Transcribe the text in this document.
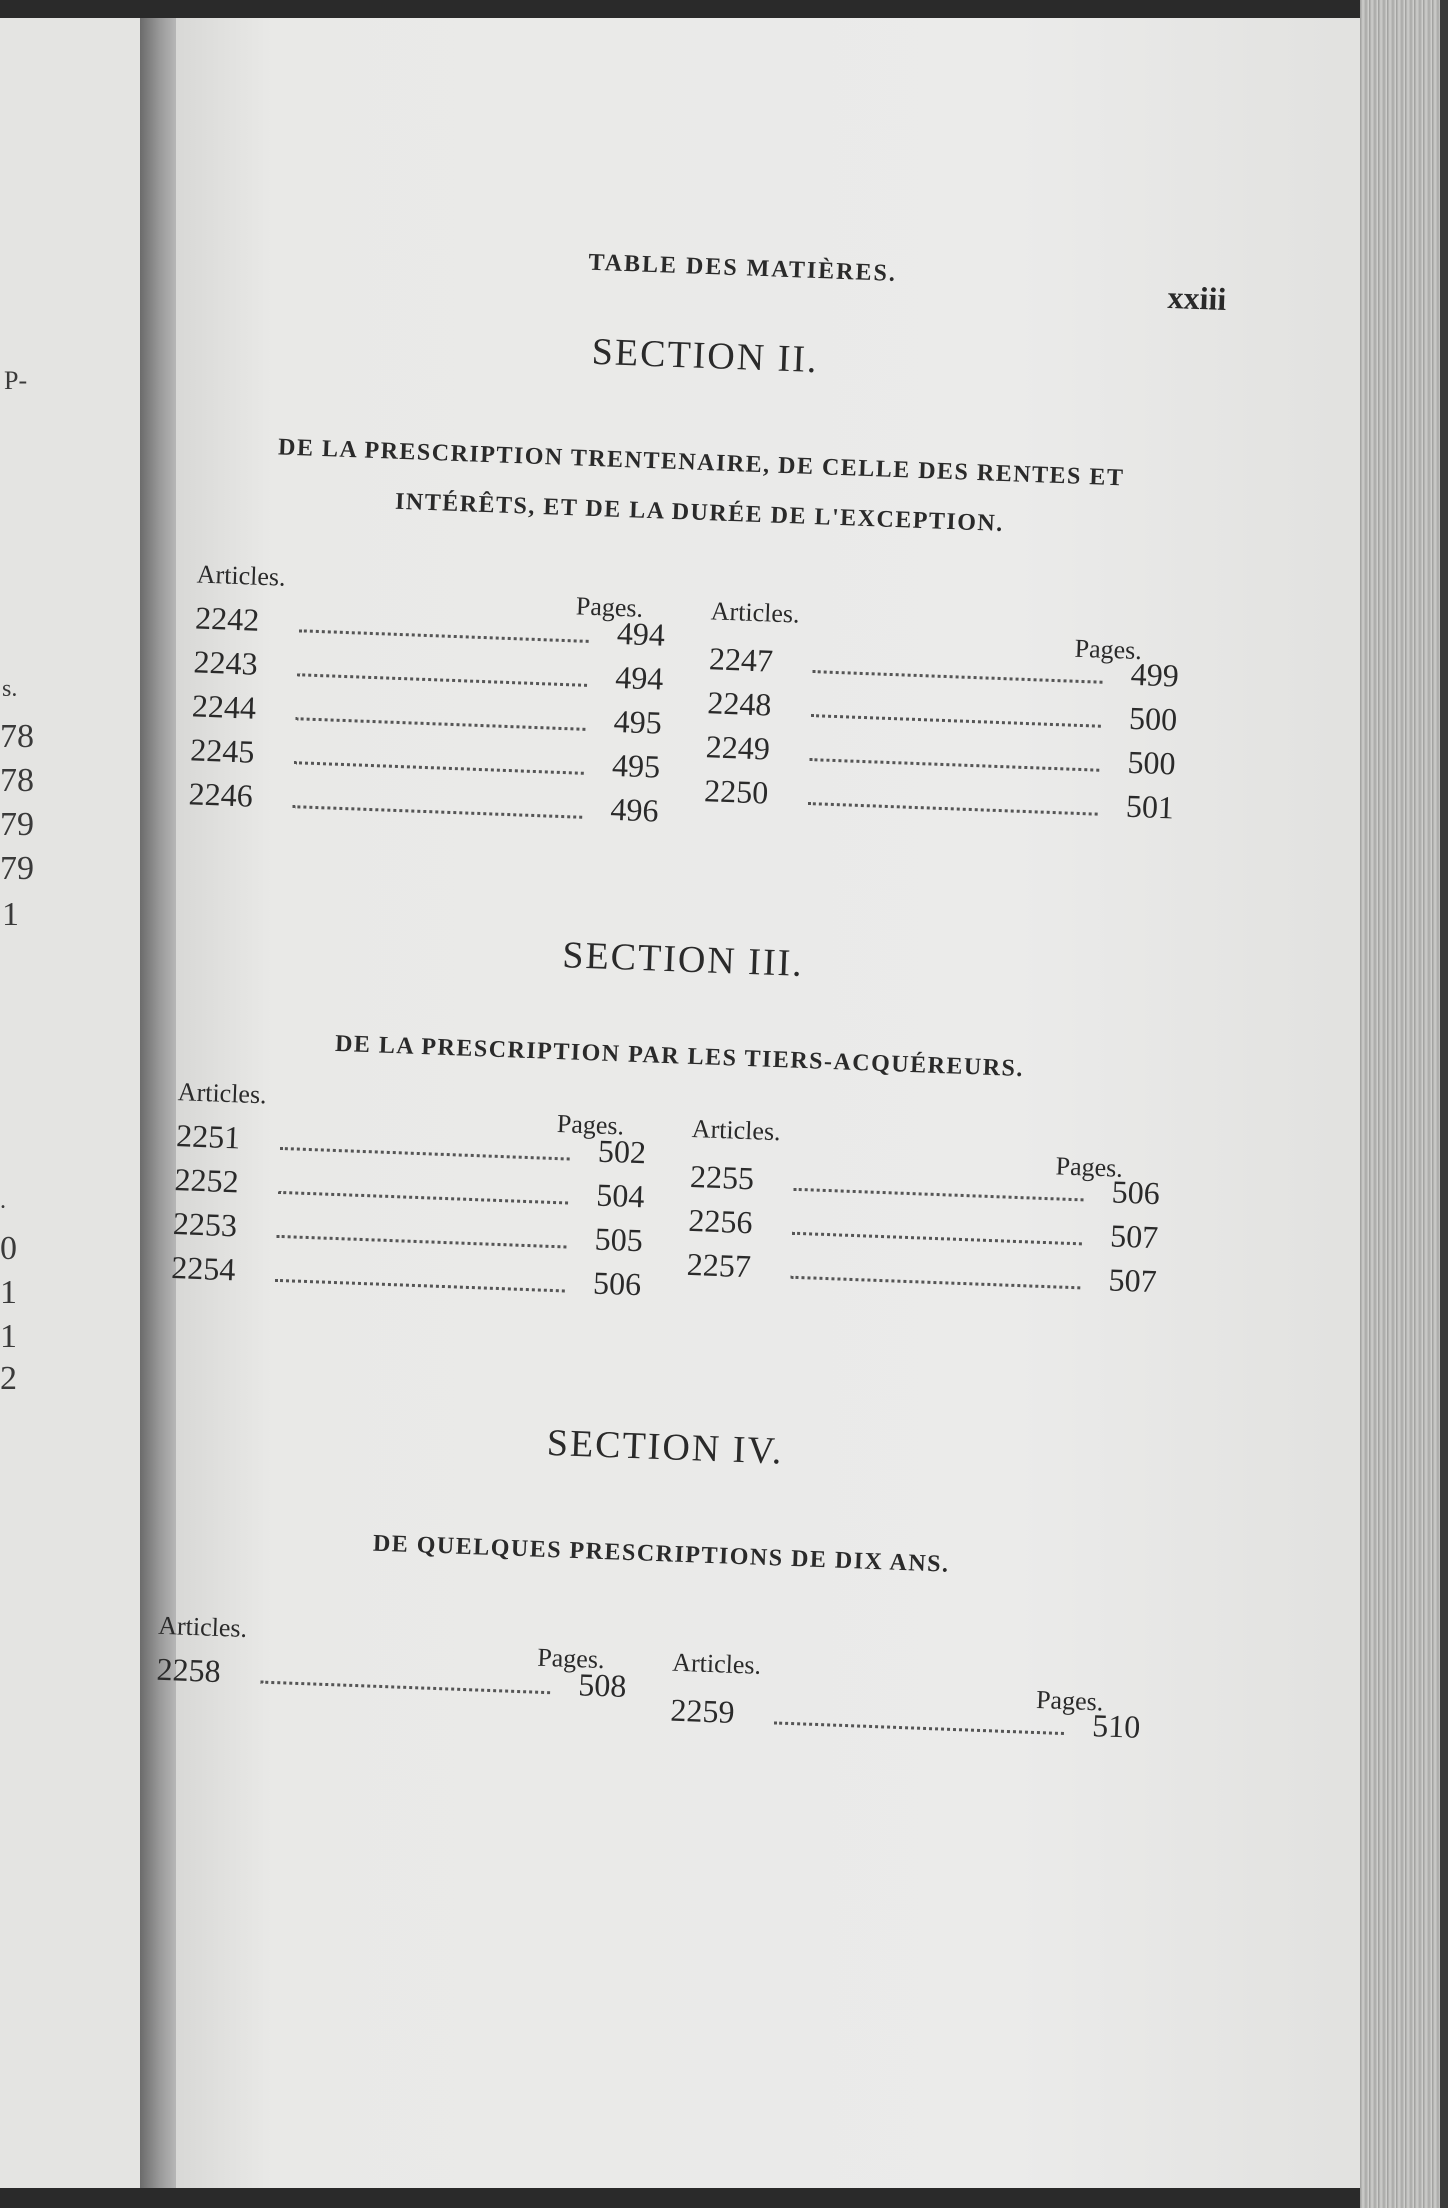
P-

s.

78

78

79

79

1

.

0

1

1

2

TABLE DES MATIÈRES.

xxiii

SECTION II.

DE LA PRESCRIPTION TRENTENAIRE, DE CELLE DES RENTES ET

INTÉRÊTS, ET DE LA DURÉE DE L'EXCEPTION.

Articles.

Pages.	Articles.

Pages.

2242	494
2243	494
2244	495
2245	495
2246	496
2247	499
2248	500
2249	500
2250	501
SECTION III.

DE LA PRESCRIPTION PAR LES TIERS-ACQUÉREURS.

Articles.

Pages.	Articles.

Pages.

2251	502
2252	504
2253	505
2254	506
2255	506
2256	507
2257	507
SECTION IV.

DE QUELQUES PRESCRIPTIONS DE DIX ANS.

Articles.

Pages.	Articles.

Pages.

2258	508
2259	510
